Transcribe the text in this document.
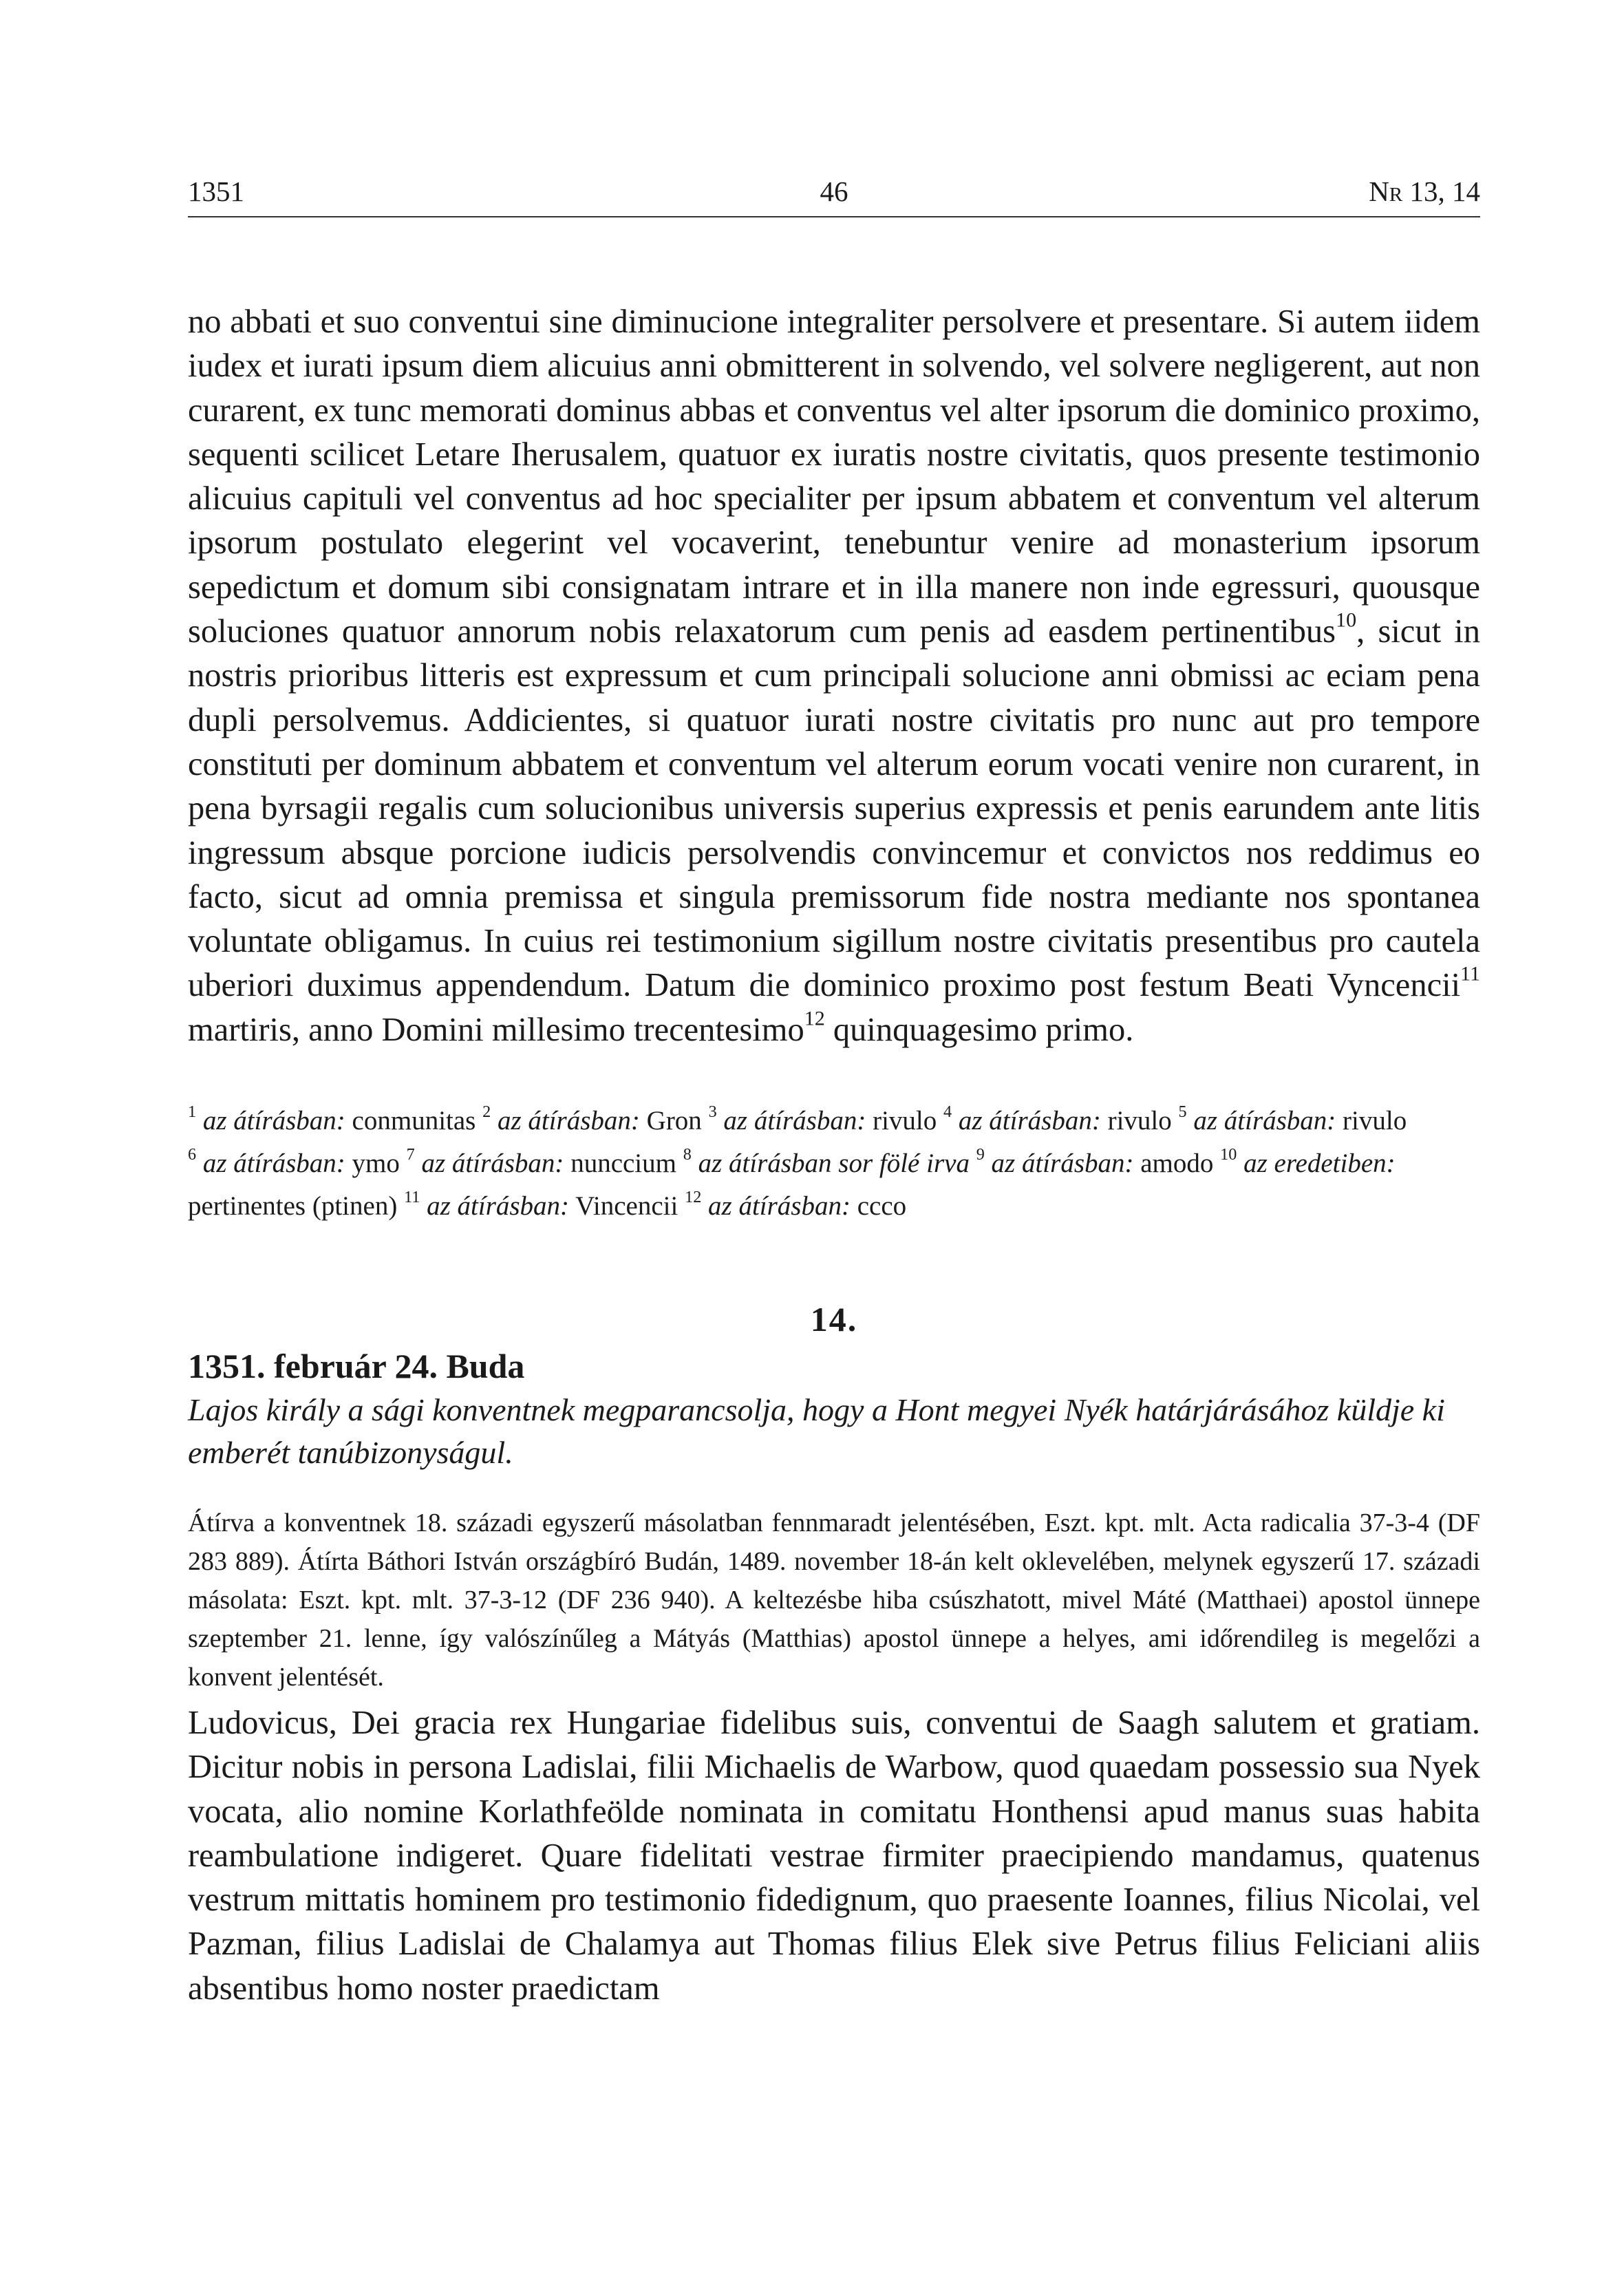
1351	46	Nr 13, 14

no abbati et suo conventui sine diminucione integraliter persolvere et presentare. Si autem iidem iudex et iurati ipsum diem alicuius anni obmitterent in solvendo, vel solvere negligerent, aut non curarent, ex tunc memorati dominus abbas et conventus vel alter ipsorum die dominico proximo, sequenti scilicet Letare Iherusalem, quatuor ex iuratis nostre civitatis, quos presente testimonio alicuius capituli vel conventus ad hoc specialiter per ipsum abbatem et conventum vel alterum ipsorum postulato elegerint vel vocaverint, tenebuntur venire ad monasterium ipsorum sepedictum et domum sibi consignatam intrare et in illa manere non inde egressuri, quousque soluciones quatuor annorum nobis relaxatorum cum penis ad easdem pertinentibus$^{10}$, sicut in nostris prioribus litteris est expressum et cum principali solucione anni obmissi ac eciam pena dupli persolvemus. Addicientes, si quatuor iurati nostre civitatis pro nunc aut pro tempore constituti per dominum abbatem et conventum vel alterum eorum vocati venire non curarent, in pena byrsagii regalis cum solucionibus universis superius expressis et penis earundem ante litis ingressum absque porcione iudicis persolvendis convincemur et convictos nos reddimus eo facto, sicut ad omnia premissa et singula premissorum fide nostra mediante nos spontanea voluntate obligamus. In cuius rei testimonium sigillum nostre civitatis presentibus pro cautela uberiori duximus appendendum. Datum die dominico proximo post festum Beati Vyncencii$^{11}$ martiris, anno Domini millesimo trecentesimo$^{12}$ quinquagesimo primo.

$^1$ az átírásban: conmunitas $^2$ az átírásban: Gron $^3$ az átírásban: rivulo $^4$ az átírásban: rivulo $^5$ az átírásban: rivulo
$^6$ az átírásban: ymo $^7$ az átírásban: nunccium $^8$ az átírásban sor fölé irva $^9$ az átírásban: amodo $^{10}$ az eredetiben:
pertinentes (ptinen) $^{11}$ az átírásban: Vincencii $^{12}$ az átírásban: ccco
14.
1351. február 24. Buda

Lajos király a sági konventnek megparancsolja, hogy a Hont megyei Nyék határjárásához küldje ki emberét tanúbizonyságul.

Átírva a konventnek 18. századi egyszerű másolatban fennmaradt jelentésében, Eszt. kpt. mlt. Acta radicalia 37-3-4 (DF 283 889). Átírta Báthori István országbíró Budán, 1489. november 18-án kelt oklevelében, melynek egyszerű 17. századi másolata: Eszt. kpt. mlt. 37-3-12 (DF 236 940). A keltezésbe hiba csúszhatott, mivel Máté (Matthaei) apostol ünnepe szeptember 21. lenne, így valószínűleg a Mátyás (Matthias) apostol ünnepe a helyes, ami időrendileg is megelőzi a konvent jelentését.

Ludovicus, Dei gracia rex Hungariae fidelibus suis, conventui de Saagh salutem et gratiam. Dicitur nobis in persona Ladislai, filii Michaelis de Warbow, quod quaedam possessio sua Nyek vocata, alio nomine Korlathfeölde nominata in comitatu Honthensi apud manus suas habita reambulatione indigeret. Quare fidelitati vestrae firmiter praecipiendo mandamus, quatenus vestrum mittatis hominem pro testimonio fidedignum, quo praesente Ioannes, filius Nicolai, vel Pazman, filius Ladislai de Chalamya aut Thomas filius Elek sive Petrus filius Feliciani aliis absentibus homo noster praedictam
